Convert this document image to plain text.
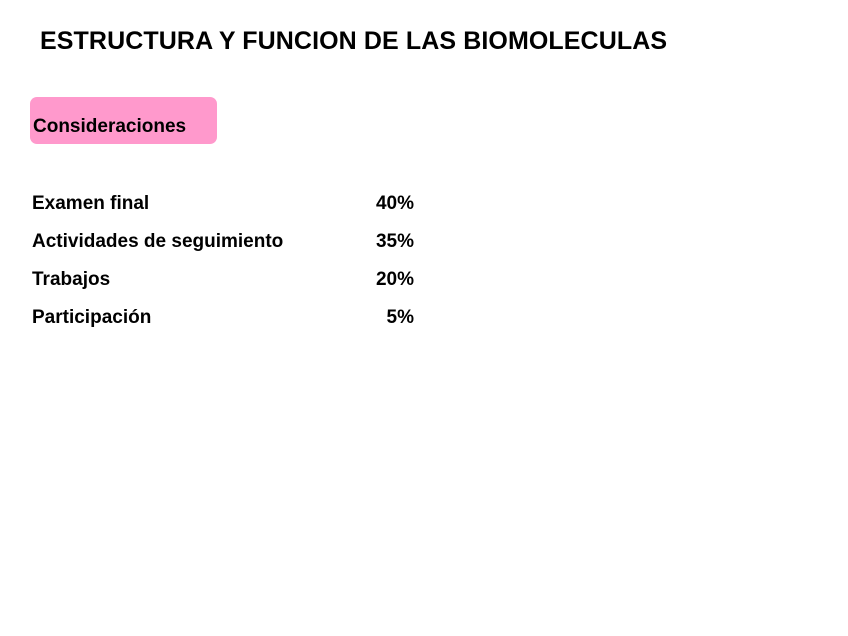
ESTRUCTURA Y FUNCION DE LAS BIOMOLECULAS
Consideraciones
Examen final	40%
Actividades de seguimiento	35%
Trabajos	20%
Participación	5%
